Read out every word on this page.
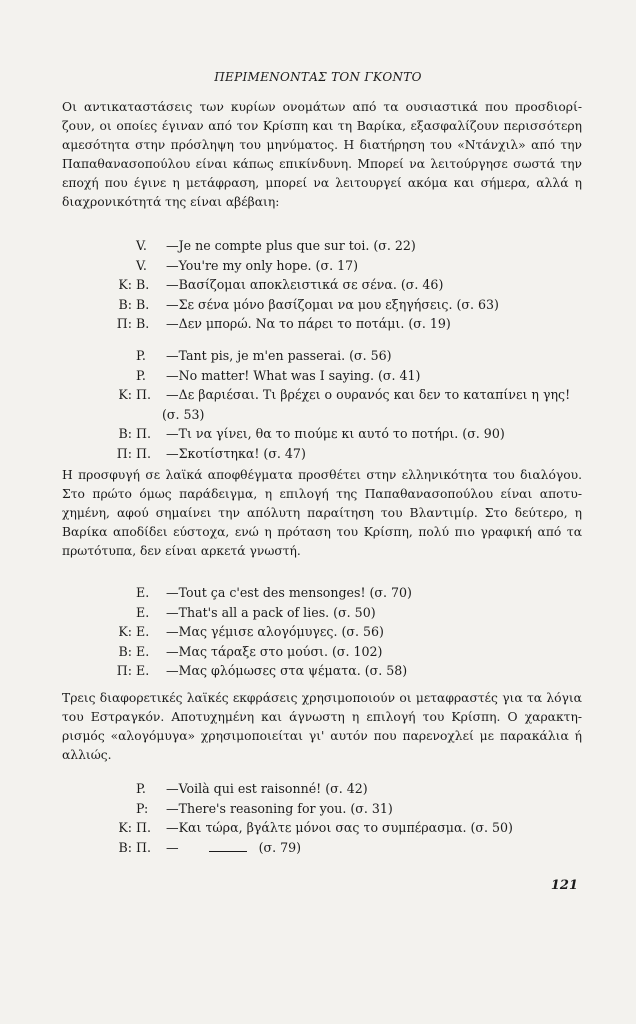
ΠΕΡΙΜΕΝΟΝΤΑΣ ΤΟΝ ΓΚΟΝΤΟ
Οι αντικαταστάσεις των κυρίων ονομάτων από τα ουσιαστικά που προσδιορί-
ζουν, οι οποίες έγιναν από τον Κρίσπη και τη Βαρίκα, εξασφαλίζουν περισσότερη
αμεσότητα στην πρόσληψη του μηνύματος. Η διατήρηση του «Ντάνχιλ» από την
Παπαθανασοπούλου είναι κάπως επικίνδυνη. Μπορεί να λειτούργησε σωστά την
εποχή που έγινε η μετάφραση, μπορεί να λειτουργεί ακόμα και σήμερα, αλλά η
διαχρονικότητά της είναι αβέβαιη:
V.	—Je ne compte plus que sur toi. (σ. 22)
V.	—You're my only hope. (σ. 17)
Κ: Β.	—Βασίζομαι αποκλειστικά σε σένα. (σ. 46)
Β: Β.	—Σε σένα μόνο βασίζομαι να μου εξηγήσεις. (σ. 63)
Π: Β.	—Δεν μπορώ. Να το πάρει το ποτάμι. (σ. 19)
P.	—Tant pis, je m'en passerai. (σ. 56)
P.	—No matter! What was I saying. (σ. 41)
Κ: Π.	—Δε βαριέσαι. Τι βρέχει ο ουρανός και δεν το καταπίνει η γης!
(σ. 53)
Β: Π.	—Τι να γίνει, θα το πιούμε κι αυτό το ποτήρι. (σ. 90)
Π: Π.	—Σκοτίστηκα! (σ. 47)
Η προσφυγή σε λαϊκά αποφθέγματα προσθέτει στην ελληνικότητα του διαλόγου.
Στο πρώτο όμως παράδειγμα, η επιλογή της Παπαθανασοπούλου είναι αποτυ-
χημένη, αφού σημαίνει την απόλυτη παραίτηση του Βλαντιμίρ. Στο δεύτερο, η
Βαρίκα αποδίδει εύστοχα, ενώ η πρόταση του Κρίσπη, πολύ πιο γραφική από τα
πρωτότυπα, δεν είναι αρκετά γνωστή.
E.	—Tout ça c'est des mensonges! (σ. 70)
E.	—That's all a pack of lies. (σ. 50)
Κ: Ε.	—Μας γέμισε αλογόμυγες. (σ. 56)
Β: Ε.	—Μας τάραξε στο μούσι. (σ. 102)
Π: Ε.	—Μας φλόμωσες στα ψέματα. (σ. 58)
Τρεις διαφορετικές λαϊκές εκφράσεις χρησιμοποιούν οι μεταφραστές για τα λόγια
του Εστραγκόν. Αποτυχημένη και άγνωστη η επιλογή του Κρίσπη. Ο χαρακτη-
ρισμός «αλογόμυγα» χρησιμοποιείται γι' αυτόν που παρενοχλεί με παρακάλια ή
αλλιώς.
P.	—Voilà qui est raisonné! (σ. 42)
P:	—There's reasoning for you. (σ. 31)
Κ: Π.	—Και τώρα, βγάλτε μόνοι σας το συμπέρασμα. (σ. 50)
Β: Π.	—	(σ. 79)
121
